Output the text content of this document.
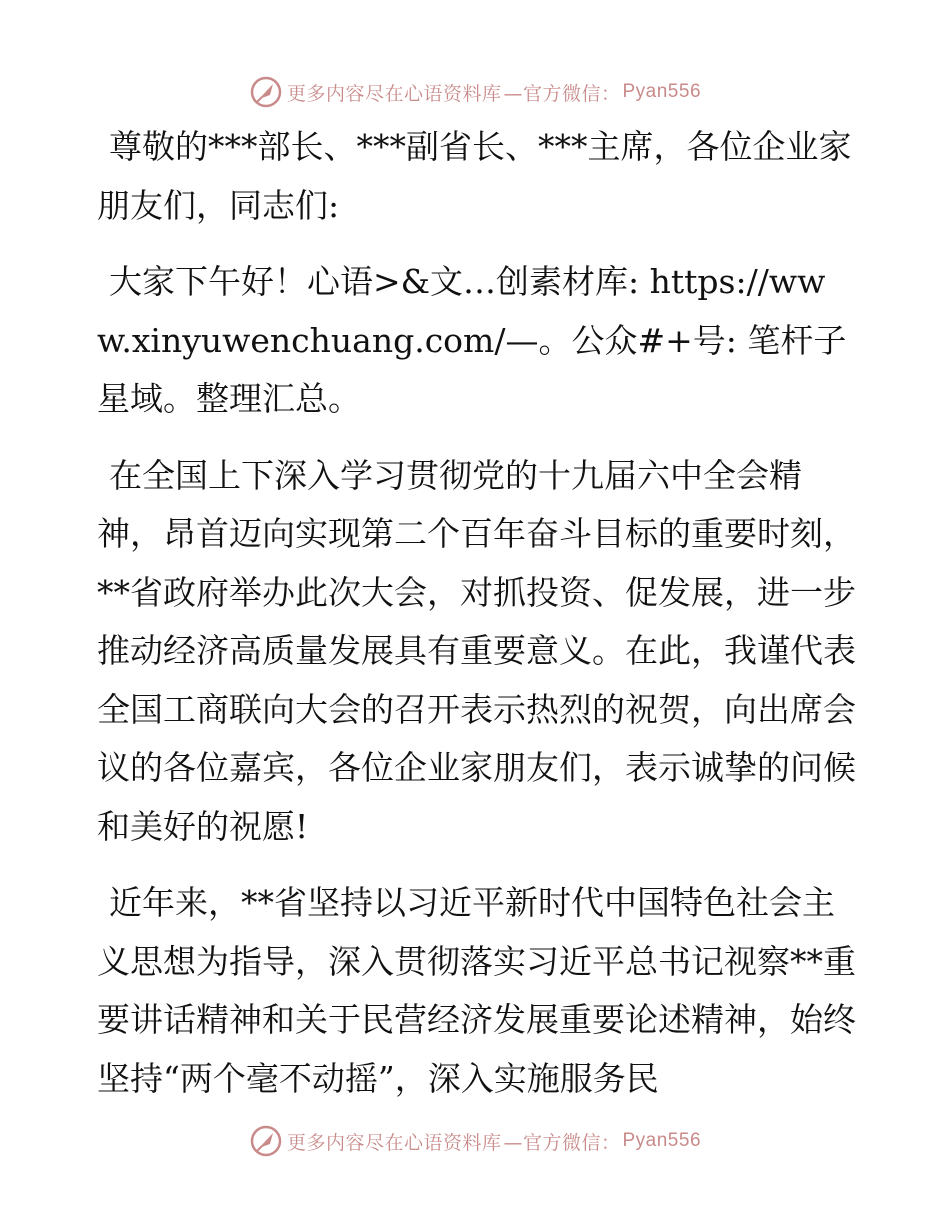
更多内容尽在心语资料库 —官方微信： Pyan556

尊敬的***部长、***副省长、***主席，各位企业家朋友们，同志们:

大家下午好！心语>&文…创素材库: https://www.xinyuwenchuang.com/—。公众#+号: 笔杆子星域。整理汇总。

在全国上下深入学习贯彻党的十九届六中全会精神，昂首迈向实现第二个百年奋斗目标的重要时刻，**省政府举办此次大会，对抓投资、促发展，进一步推动经济高质量发展具有重要意义。在此，我谨代表全国工商联向大会的召开表示热烈的祝贺，向出席会议的各位嘉宾，各位企业家朋友们，表示诚挚的问候和美好的祝愿!

近年来，**省坚持以习近平新时代中国特色社会主义思想为指导，深入贯彻落实习近平总书记视察**重要讲话精神和关于民营经济发展重要论述精神，始终坚持“两个毫不动摇”，深入实施服务民

更多内容尽在心语资料库 —官方微信： Pyan556
